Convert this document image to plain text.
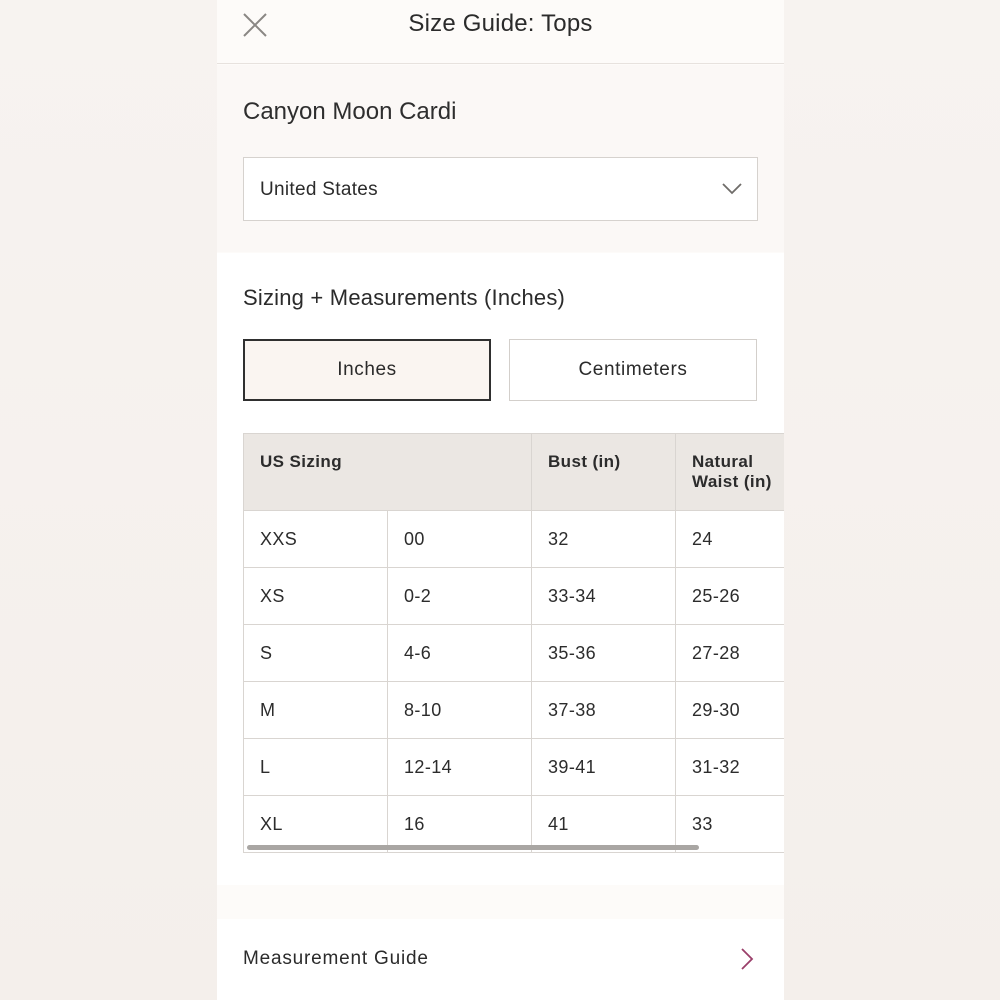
Size Guide: Tops
Canyon Moon Cardi
United States
Sizing + Measurements (Inches)
Inches	Centimeters
US Sizing		Bust (in)	Natural
Waist (in)
XXS	00	32	24
XS	0-2	33-34	25-26
S	4-6	35-36	27-28
M	8-10	37-38	29-30
L	12-14	39-41	31-32
XL	16	41	33
Measurement Guide
